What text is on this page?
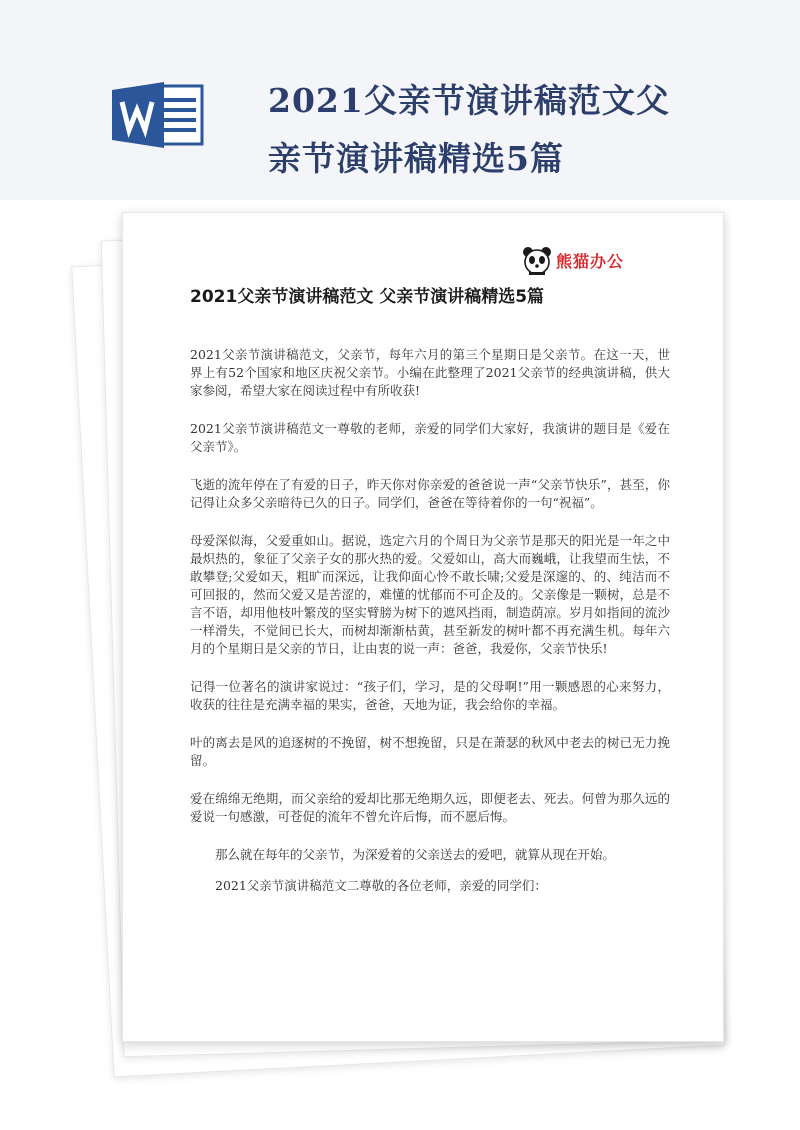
2021父亲节演讲稿范文父亲节演讲稿精选5篇
熊猫办公
2021父亲节演讲稿范文 父亲节演讲稿精选5篇

2021父亲节演讲稿范文，父亲节，每年六月的第三个星期日是父亲节。在这一天，世界上有52个国家和地区庆祝父亲节。小编在此整理了2021父亲节的经典演讲稿，供大家参阅，希望大家在阅读过程中有所收获!

2021父亲节演讲稿范文一尊敬的老师，亲爱的同学们大家好，我演讲的题目是《爱在父亲节》。

飞逝的流年停在了有爱的日子，昨天你对你亲爱的爸爸说一声“父亲节快乐”，甚至，你记得让众多父亲暗待已久的日子。同学们，爸爸在等待着你的一句“祝福”。

母爱深似海，父爱重如山。据说，选定六月的个周日为父亲节是那天的阳光是一年之中最炽热的，象征了父亲子女的那火热的爱。父爱如山，高大而巍峨，让我望而生怯，不敢攀登;父爱如天，粗旷而深远，让我仰面心怜不敢长啸;父爱是深邃的、的、纯洁而不可回报的，然而父爱又是苦涩的，难懂的忧郁而不可企及的。父亲像是一颗树，总是不言不语，却用他枝叶繁茂的坚实臂膀为树下的遮风挡雨，制造荫凉。岁月如指间的流沙一样滑失，不觉间已长大，而树却渐渐枯黄，甚至新发的树叶都不再充满生机。每年六月的个星期日是父亲的节日，让由衷的说一声：爸爸，我爱你，父亲节快乐!

记得一位著名的演讲家说过：“孩子们，学习，是的父母啊!”用一颗感恩的心来努力，收获的往往是充满幸福的果实，爸爸，天地为证，我会给你的幸福。

叶的离去是风的追逐树的不挽留，树不想挽留，只是在萧瑟的秋风中老去的树已无力挽留。

爱在绵绵无绝期，而父亲给的爱却比那无绝期久远，即便老去、死去。何曾为那久远的爱说一句感激，可苍促的流年不曾允许后悔，而不愿后悔。

那么就在每年的父亲节，为深爱着的父亲送去的爱吧，就算从现在开始。

2021父亲节演讲稿范文二尊敬的各位老师，亲爱的同学们：
